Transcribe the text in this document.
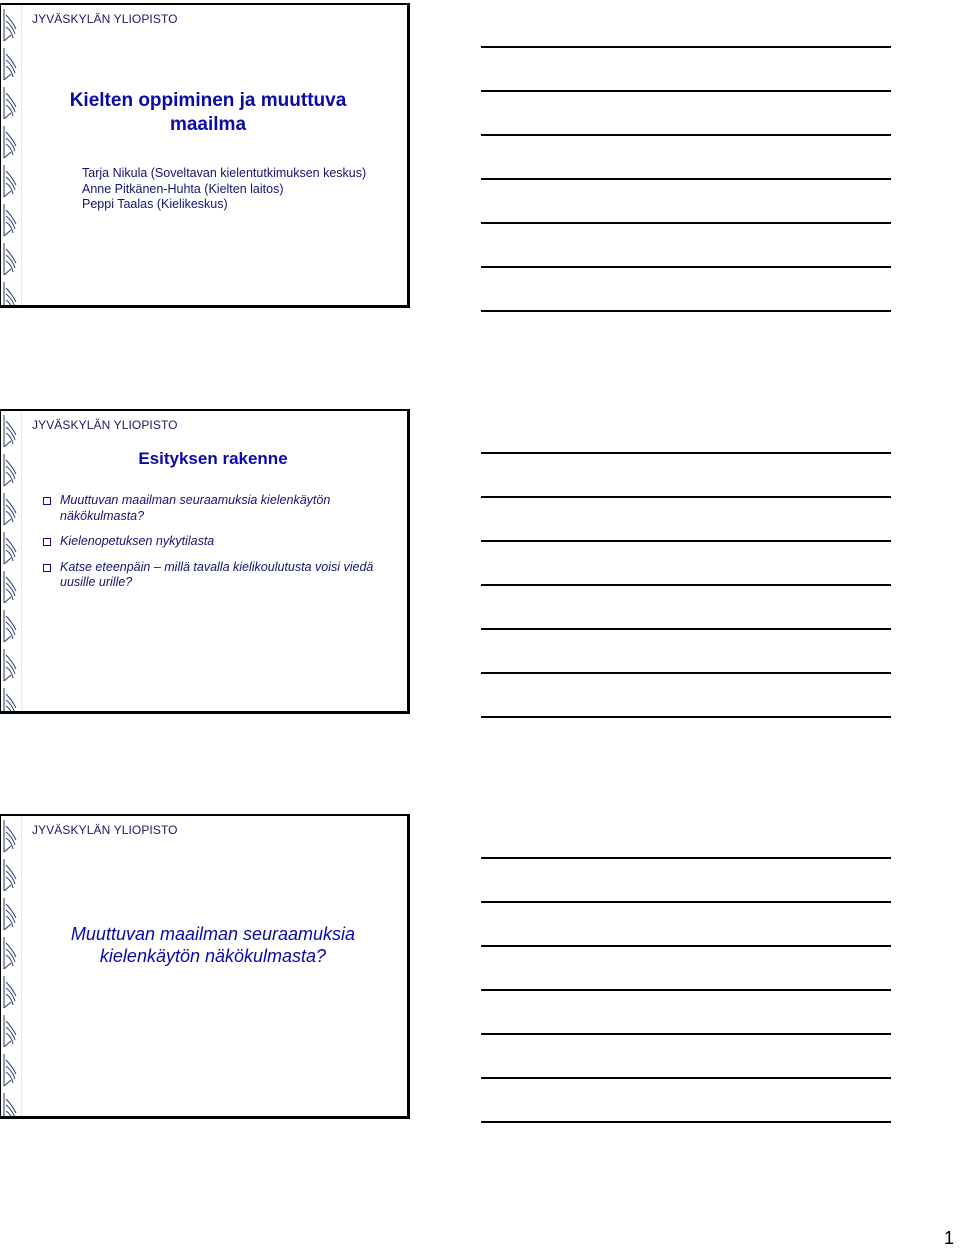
JYVÄSKYLÄN YLIOPISTO
Kielten oppiminen ja muuttuva maailma
Tarja Nikula (Soveltavan kielentutkimuksen keskus)
Anne Pitkänen-Huhta (Kielten laitos)
Peppi Taalas (Kielikeskus)
JYVÄSKYLÄN YLIOPISTO
Esityksen rakenne
Muuttuvan maailman seuraamuksia kielenkäytön näkökulmasta?
Kielenopetuksen nykytilasta
Katse eteenpäin – millä tavalla kielikoulutusta voisi viedä uusille urille?
JYVÄSKYLÄN YLIOPISTO
Muuttuvan maailman seuraamuksia kielenkäytön näkökulmasta?
1
